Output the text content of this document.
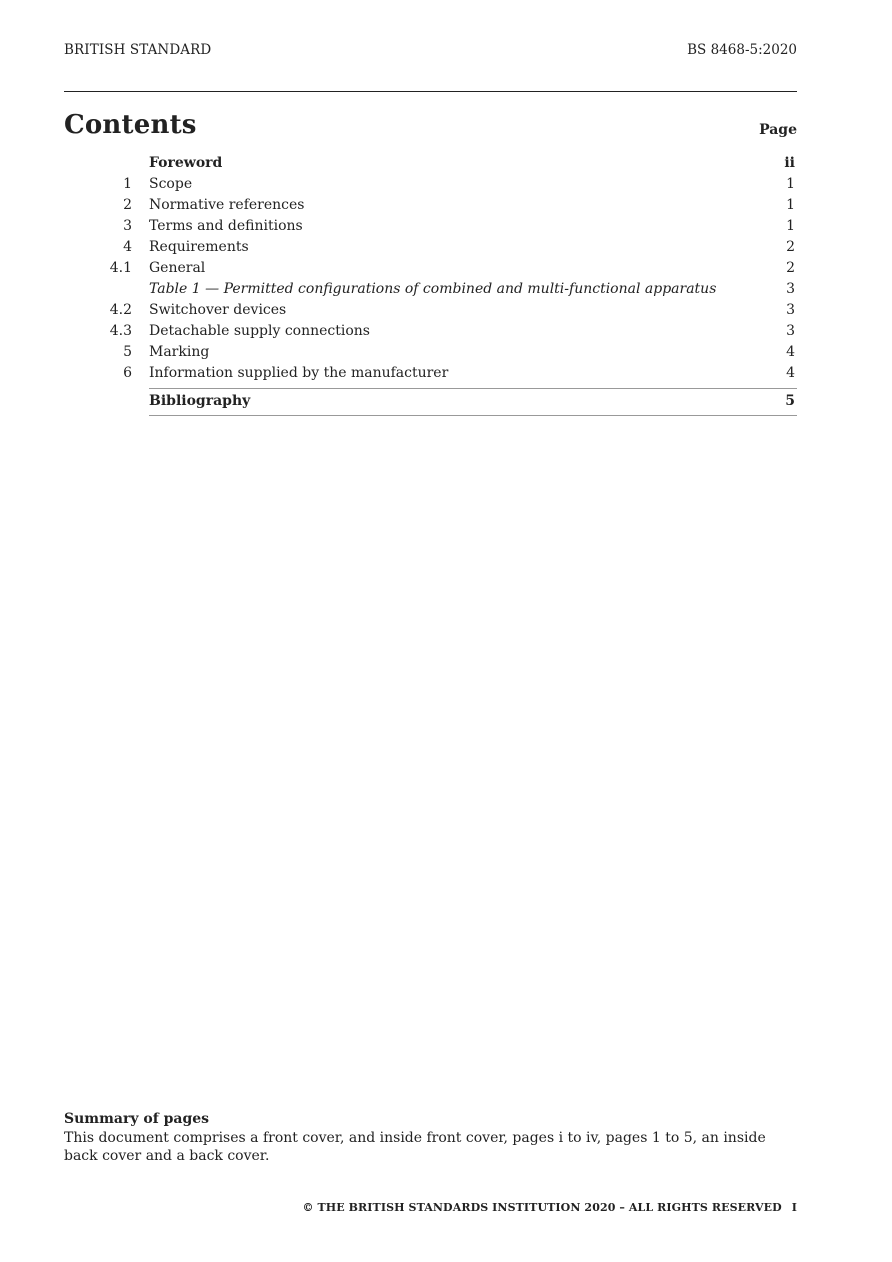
BRITISH STANDARD	BS 8468-5:2020
Contents	Page
Foreword	ii
1 Scope	1
2 Normative references	1
3 Terms and definitions	1
4 Requirements	2
4.1 General	2
Table 1 — Permitted configurations of combined and multi-functional apparatus	3
4.2 Switchover devices	3
4.3 Detachable supply connections	3
5 Marking	4
6 Information supplied by the manufacturer	4
Bibliography	5
Summary of pages
This document comprises a front cover, and inside front cover, pages i to iv, pages 1 to 5, an inside back cover and a back cover.
© THE BRITISH STANDARDS INSTITUTION 2020 – ALL RIGHTS RESERVED I
